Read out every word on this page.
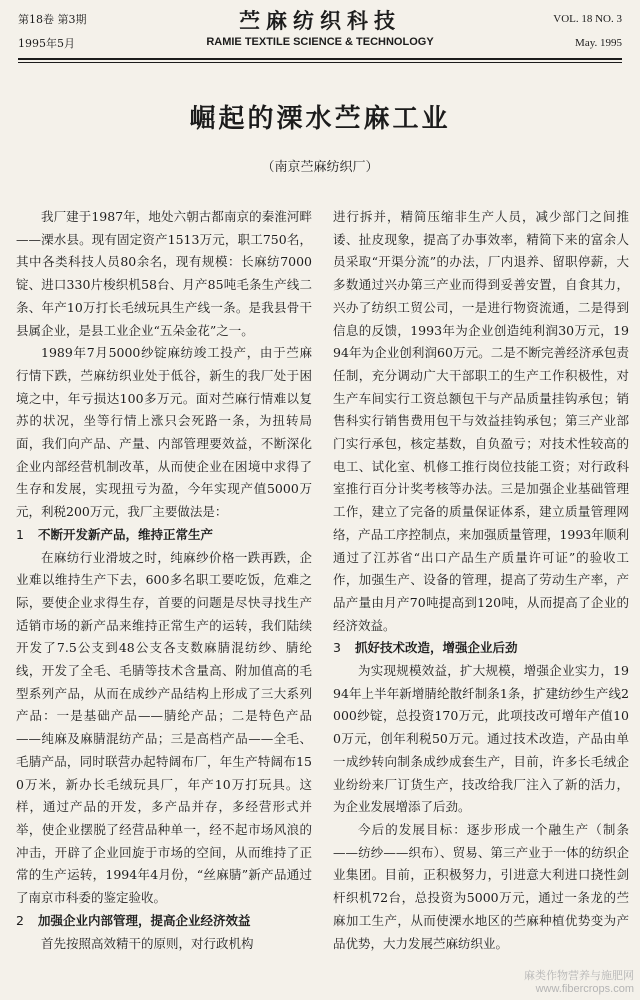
第18卷 第3期
1995年5月
苎麻纺织科技
RAMIE TEXTILE SCIENCE & TECHNOLOGY
VOL. 18 NO. 3
May. 1995
崛起的溧水苎麻工业
（南京苎麻纺织厂）

我厂建于1987年，地处六朝古都南京的秦淮河畔——溧水县。现有固定资产1513万元，职工750名，其中各类科技人员80余名，现有规模：长麻纺7000锭、进口330片梭织机58台、月产85吨毛条生产线二条、年产10万打长毛绒玩具生产线一条。是我县骨干县属企业，是县工业企业“五朵金花”之一。

1989年7月5000纱锭麻纺竣工投产，由于苎麻行情下跌，苎麻纺织业处于低谷，新生的我厂处于困境之中，年亏损达100多万元。面对苎麻行情难以复苏的状况，坐等行情上涨只会死路一条，为扭转局面，我们向产品、产量、内部管理要效益，不断深化企业内部经营机制改革，从而使企业在困境中求得了生存和发展，实现扭亏为盈，今年实现产值5000万元，利税200万元，我厂主要做法是：

1 不断开发新产品，维持正常生产

在麻纺行业滑坡之时，纯麻纱价格一跌再跌，企业难以维持生产下去，600多名职工要吃饭，危难之际，要使企业求得生存，首要的问题是尽快寻找生产适销市场的新产品来维持正常生产的运转，我们陆续开发了7.5公支到48公支各支数麻腈混纺纱、腈纶线，开发了全毛、毛腈等技术含量高、附加值高的毛型系列产品，从而在成纱产品结构上形成了三大系列产品：一是基础产品——腈纶产品；二是特色产品——纯麻及麻腈混纺产品；三是高档产品——全毛、毛腈产品，同时联营办起特阔布厂，年生产特阔布150万米，新办长毛绒玩具厂，年产10万打玩具。这样，通过产品的开发，多产品并存，多经营形式并举，使企业摆脱了经营品种单一，经不起市场风浪的冲击，开辟了企业回旋于市场的空间，从而维持了正常的生产运转，1994年4月份，“丝麻腈”新产品通过了南京市科委的鉴定验收。

2 加强企业内部管理，提高企业经济效益

首先按照高效精干的原则，对行政机构

进行拆并，精简压缩非生产人员，减少部门之间推诿、扯皮现象，提高了办事效率，精简下来的富余人员采取“开渠分流”的办法，厂内退养、留职停薪，大多数通过兴办第三产业而得到妥善安置，自食其力，兴办了纺织工贸公司，一是进行物资流通，二是得到信息的反馈，1993年为企业创造纯利润30万元，1994年为企业创利润60万元。二是不断完善经济承包责任制，充分调动广大干部职工的生产工作积极性，对生产车间实行工资总额包干与产品质量挂钩承包；销售科实行销售费用包干与效益挂钩承包；第三产业部门实行承包，核定基数，自负盈亏；对技术性较高的电工、试化室、机修工推行岗位技能工资；对行政科室推行百分计奖考核等办法。三是加强企业基础管理工作，建立了完备的质量保证体系，建立质量管理网络，产品工序控制点，来加强质量管理，1993年顺利通过了江苏省“出口产品生产质量许可证”的验收工作，加强生产、设备的管理，提高了劳动生产率，产品产量由月产70吨提高到120吨，从而提高了企业的经济效益。

3 抓好技术改造，增强企业后劲

为实现规模效益，扩大规模，增强企业实力，1994年上半年新增腈纶散纤制条1条，扩建纺纱生产线2000纱锭，总投资170万元，此项技改可增年产值100万元，创年利税50万元。通过技术改造，产品由单一成纱转向制条成纱成套生产，目前，许多长毛绒企业纷纷来厂订货生产，技改给我厂注入了新的活力，为企业发展增添了后劲。

今后的发展目标：逐步形成一个融生产（制条——纺纱——织布）、贸易、第三产业于一体的纺织企业集团。目前，正积极努力，引进意大利进口挠性剑杆织机72台，总投资为5000万元，通过一条龙的苎麻加工生产，从而使溧水地区的苎麻种植优势变为产品优势，大力发展苎麻纺织业。

麻类作物营养与施肥网
www.fibercrops.com
